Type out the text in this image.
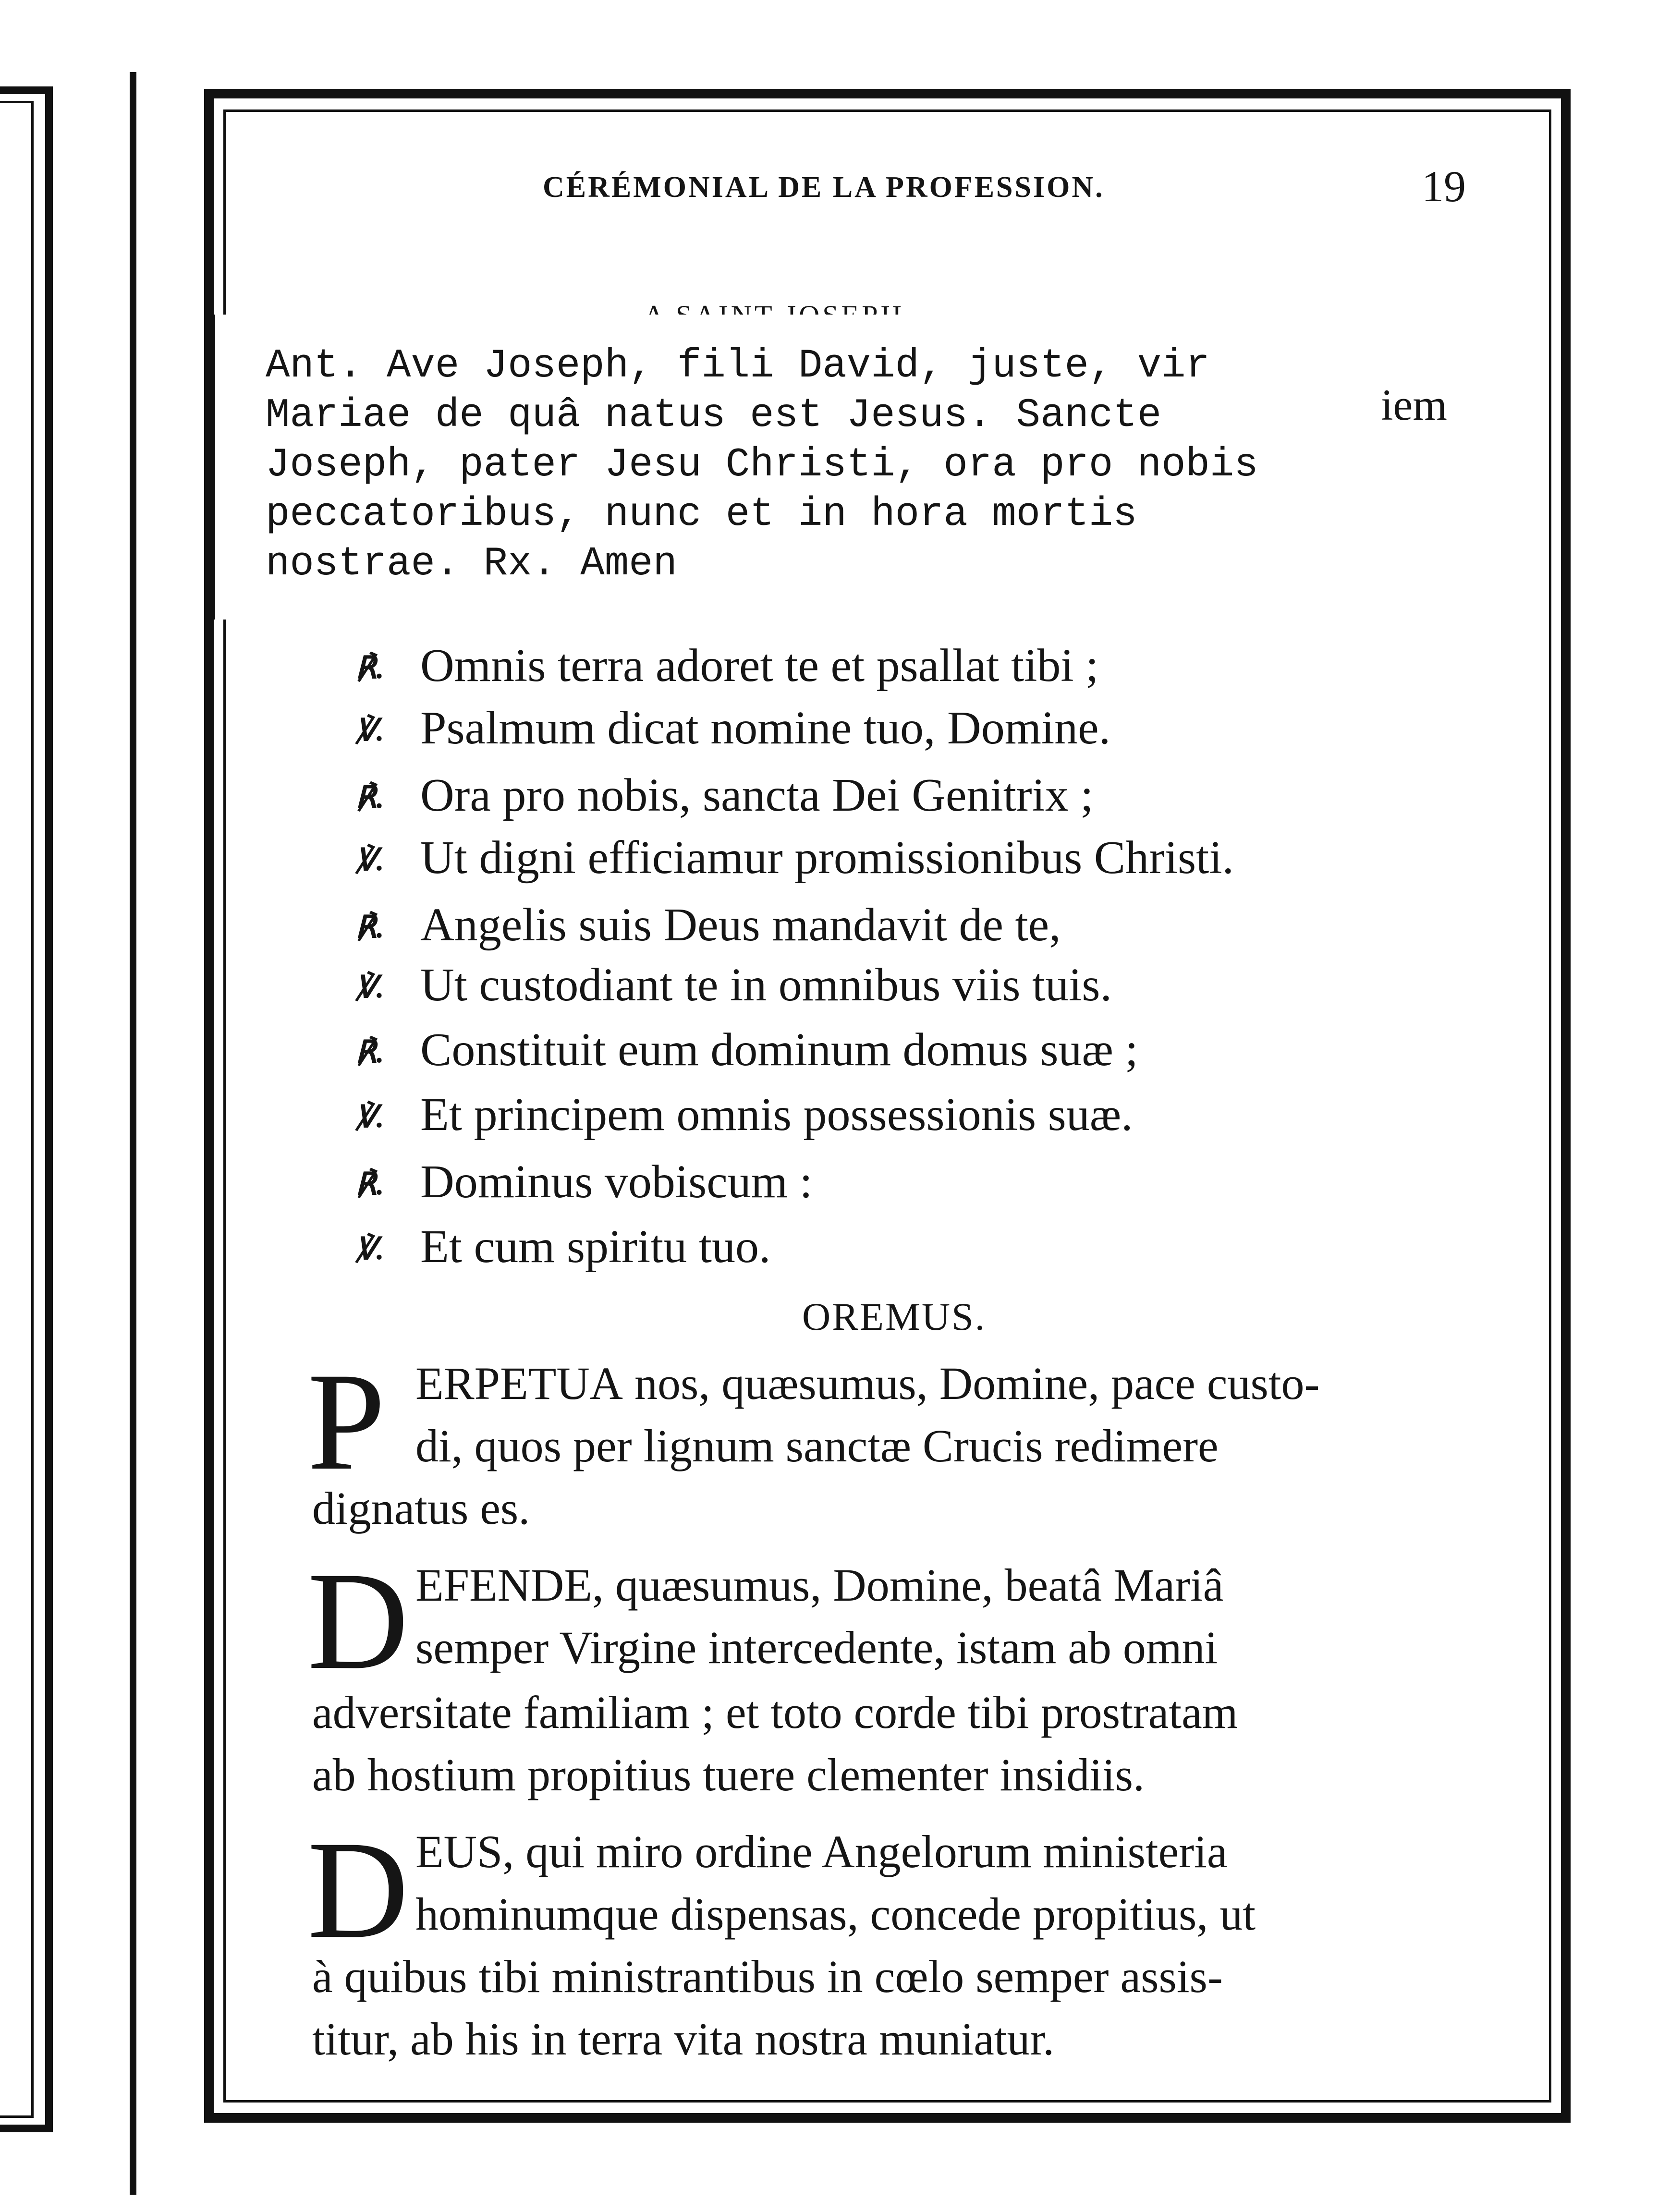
CÉRÉMONIAL DE LA PROFESSION.	19
iem
Ant. Ave Joseph, fili David, juste, vir
Mariae de quâ natus est Jesus. Sancte
Joseph, pater Jesu Christi, ora pro nobis
peccatoribus, nunc et in hora mortis
nostrae. Rx. Amen
℟. Omnis terra adoret te et psallat tibi ;
℣. Psalmum dicat nomine tuo, Domine.
℟. Ora pro nobis, sancta Dei Genitrix ;
℣. Ut digni efficiamur promissionibus Christi.
℟. Angelis suis Deus mandavit de te,
℣. Ut custodiant te in omnibus viis tuis.
℟. Constituit eum dominum domus suæ ;
℣. Et principem omnis possessionis suæ.
℟. Dominus vobiscum :
℣. Et cum spiritu tuo.
OREMUS.
P ERPETUA nos, quæsumus, Domine, pace custo-
di, quos per lignum sanctæ Crucis redimere
dignatus es.
D EFENDE, quæsumus, Domine, beatâ Mariâ
semper Virgine intercedente, istam ab omni
adversitate familiam ; et toto corde tibi prostratam
ab hostium propitius tuere clementer insidiis.
D EUS, qui miro ordine Angelorum ministeria
hominumque dispensas, concede propitius, ut
à quibus tibi ministrantibus in cœlo semper assis-
titur, ab his in terra vita nostra muniatur.
